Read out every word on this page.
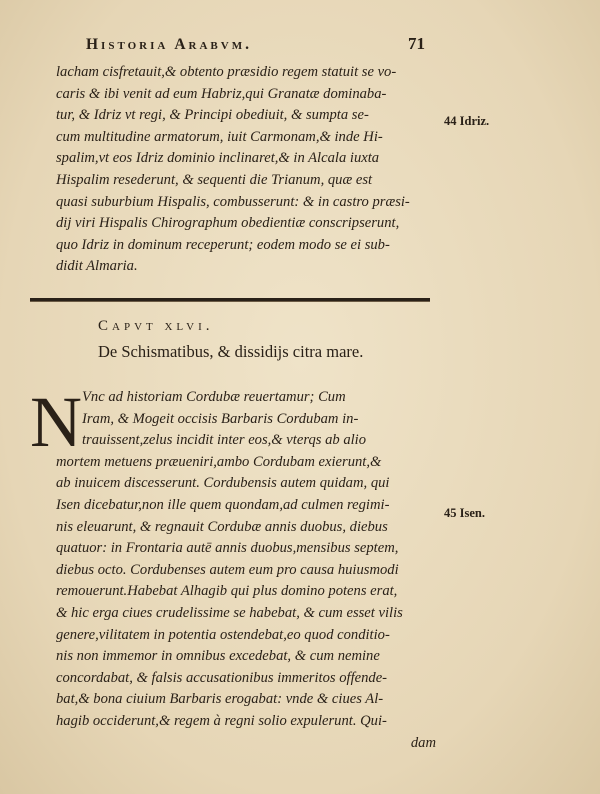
Historia Arabvm.	71
lacham cisfretauit,& obtento præsidio regem statuit se vo-
caris & ibi venit ad eum Habriz,qui Granatæ dominaba-
tur, & Idriz vt regi, & Principi obediuit, & sumpta se-
cum multitudine armatorum, iuit Carmonam,& inde Hi-
spalim,vt eos Idriz dominio inclinaret,& in Alcala iuxta
Hispalim resederunt, & sequenti die Trianum, quæ est
quasi suburbium Hispalis, combusserunt: & in castro præsi-
dij viri Hispalis Chirographum obedientiæ conscripserunt,
quo Idriz in dominum receperunt; eodem modo se ei sub-
didit Almaria.
44 Idriz.
Capvt xlvi.
De Schismatibus, & dissidijs citra mare.
N Vnc ad historiam Cordubæ reuertamur; Cum
Iram, & Mogeit occisis Barbaris Cordubam in-
trauissent,zelus incidit inter eos,& vterqs ab alio
mortem metuens præueniri,ambo Cordubam exierunt,&
ab inuicem discesserunt. Cordubensis autem quidam, qui
Isen dicebatur,non ille quem quondam,ad culmen regimi-
nis eleuarunt, & regnauit Cordubæ annis duobus, diebus
quatuor: in Frontaria autē annis duobus,mensibus septem,
diebus octo. Cordubenses autem eum pro causa huiusmodi
remouerunt.Habebat Alhagib qui plus domino potens erat,
& hic erga ciues crudelissime se habebat, & cum esset vilis
genere,vilitatem in potentia ostendebat,eo quod conditio-
nis non immemor in omnibus excedebat, & cum nemine
concordabat, & falsis accusationibus immeritos offende-
bat,& bona ciuium Barbaris erogabat: vnde & ciues Al-
hagib occiderunt,& regem à regni solio expulerunt. Qui-
dam
45 Isen.
